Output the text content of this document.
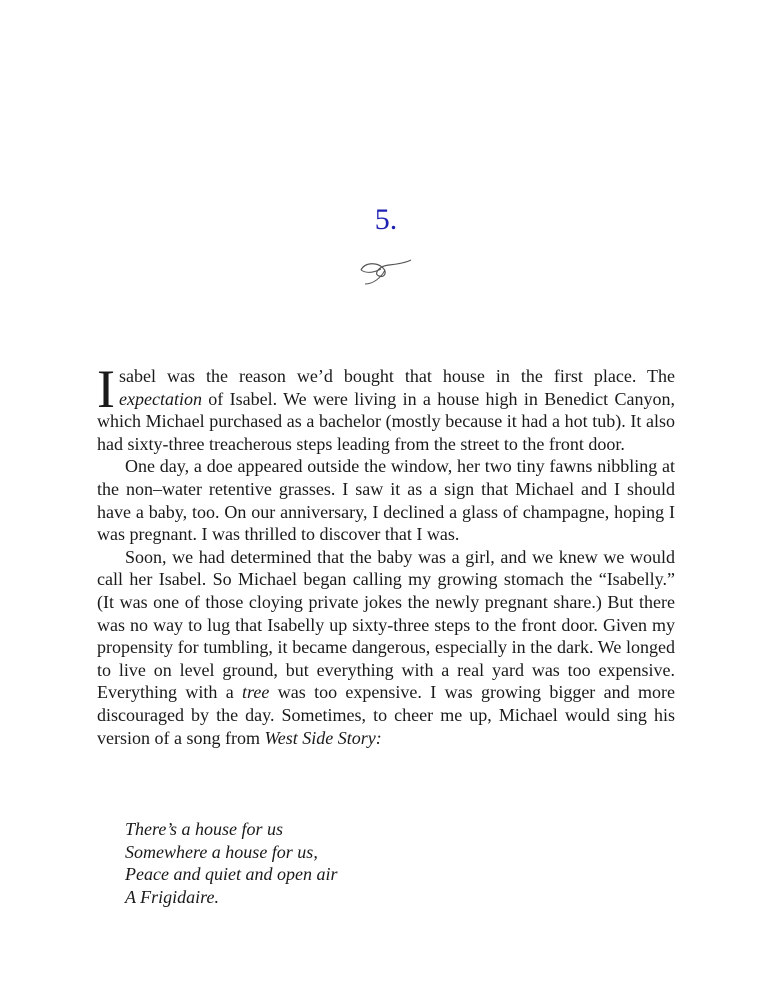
5.

Isabel was the reason we’d bought that house in the first place. The expectation of Isabel. We were living in a house high in Benedict Canyon, which Michael purchased as a bachelor (mostly because it had a hot tub). It also had sixty-three treacherous steps leading from the street to the front door.

One day, a doe appeared outside the window, her two tiny fawns nibbling at the non–water retentive grasses. I saw it as a sign that Michael and I should have a baby, too. On our anniversary, I declined a glass of champagne, hoping I was pregnant. I was thrilled to discover that I was.

Soon, we had determined that the baby was a girl, and we knew we would call her Isabel. So Michael began calling my growing stomach the “Isabelly.” (It was one of those cloying private jokes the newly pregnant share.) But there was no way to lug that Isabelly up sixty-three steps to the front door. Given my propensity for tumbling, it became dangerous, especially in the dark. We longed to live on level ground, but everything with a real yard was too expensive. Everything with a tree was too expensive. I was growing bigger and more discouraged by the day. Sometimes, to cheer me up, Michael would sing his version of a song from West Side Story:

There’s a house for us
Somewhere a house for us,
Peace and quiet and open air
A Frigidaire.
